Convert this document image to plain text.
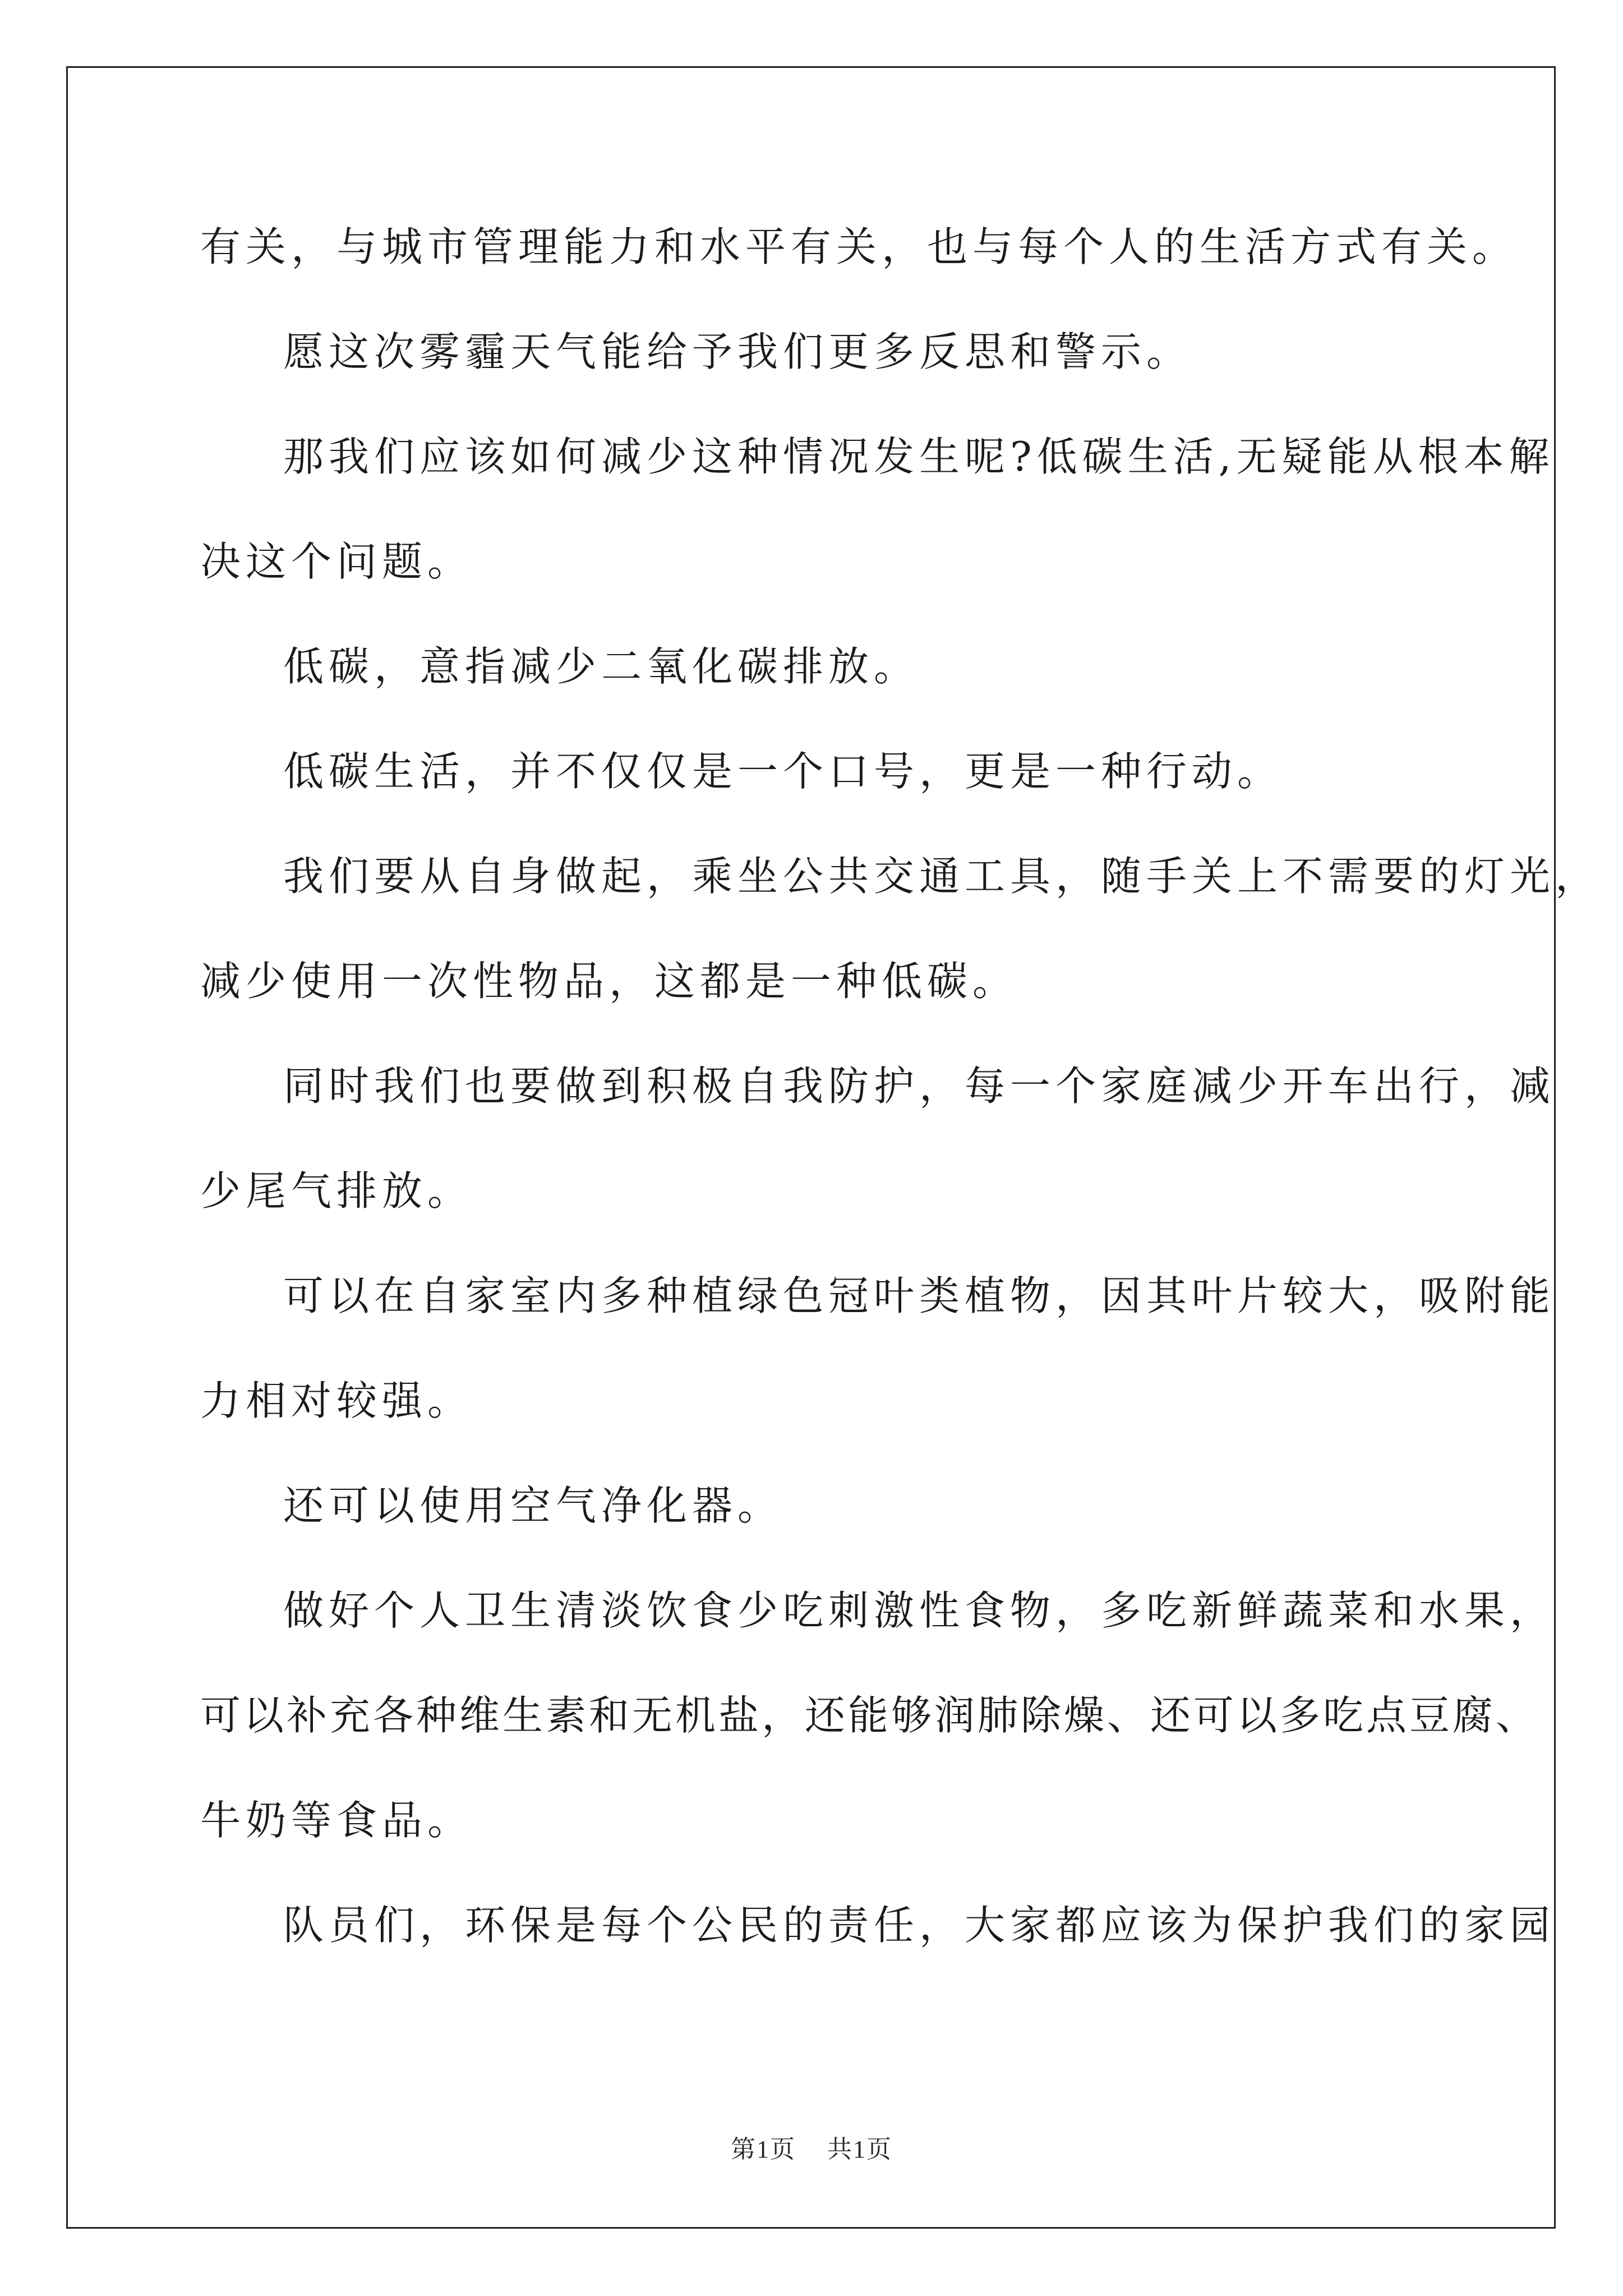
有关，与城市管理能力和水平有关，也与每个人的生活方式有关。
愿这次雾霾天气能给予我们更多反思和警示。
那我们应该如何减少这种情况发生呢?低碳生活,无疑能从根本解
决这个问题。
低碳，意指减少二氧化碳排放。
低碳生活，并不仅仅是一个口号，更是一种行动。
我们要从自身做起，乘坐公共交通工具，随手关上不需要的灯光，
减少使用一次性物品，这都是一种低碳。
同时我们也要做到积极自我防护，每一个家庭减少开车出行，减
少尾气排放。
可以在自家室内多种植绿色冠叶类植物，因其叶片较大，吸附能
力相对较强。
还可以使用空气净化器。
做好个人卫生清淡饮食少吃刺激性食物，多吃新鲜蔬菜和水果，
可以补充各种维生素和无机盐，还能够润肺除燥、还可以多吃点豆腐、
牛奶等食品。
队员们，环保是每个公民的责任，大家都应该为保护我们的家园
第1页 共1页
